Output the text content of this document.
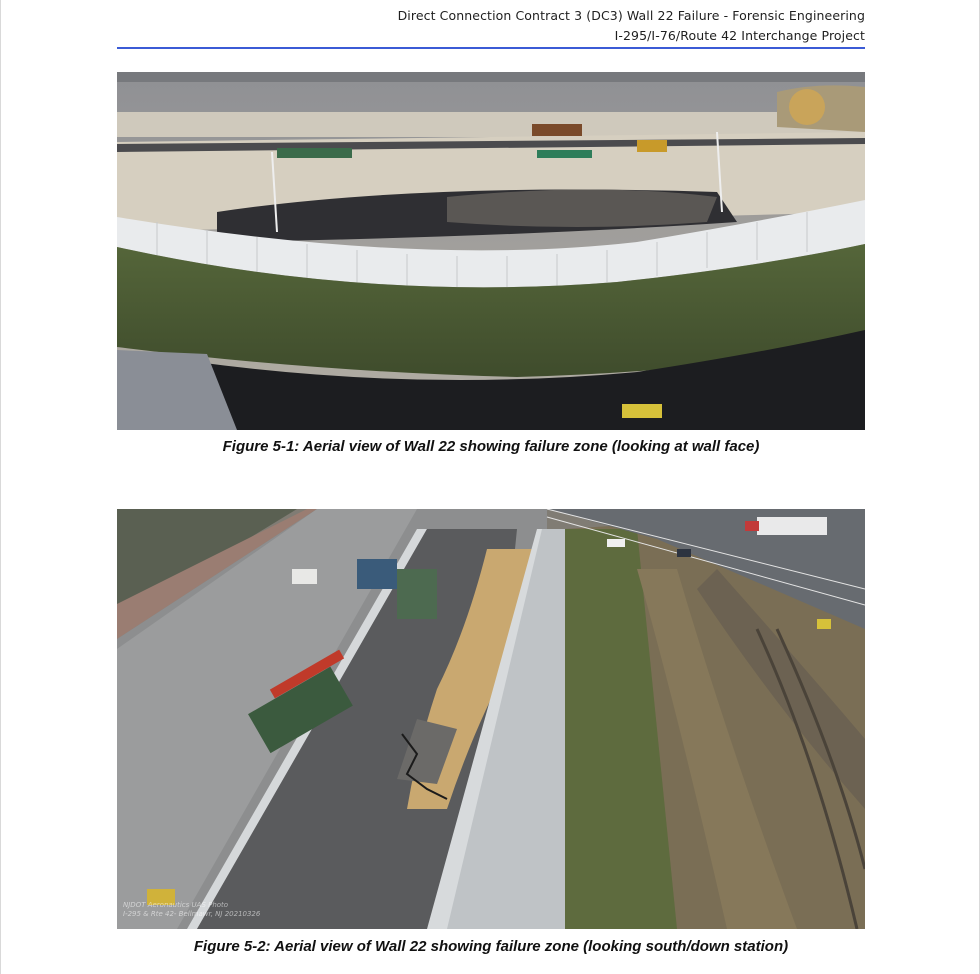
Direct Connection Contract 3 (DC3) Wall 22 Failure - Forensic Engineering
I-295/I-76/Route 42 Interchange Project
Figure 5-1: Aerial view of Wall 22 showing failure zone (looking at wall face)
NJDOT Aeronautics UAS Photo
I-295 & Rte 42- Bellmawr, NJ 20210326
Figure 5-2: Aerial view of Wall 22 showing failure zone (looking south/down station)
